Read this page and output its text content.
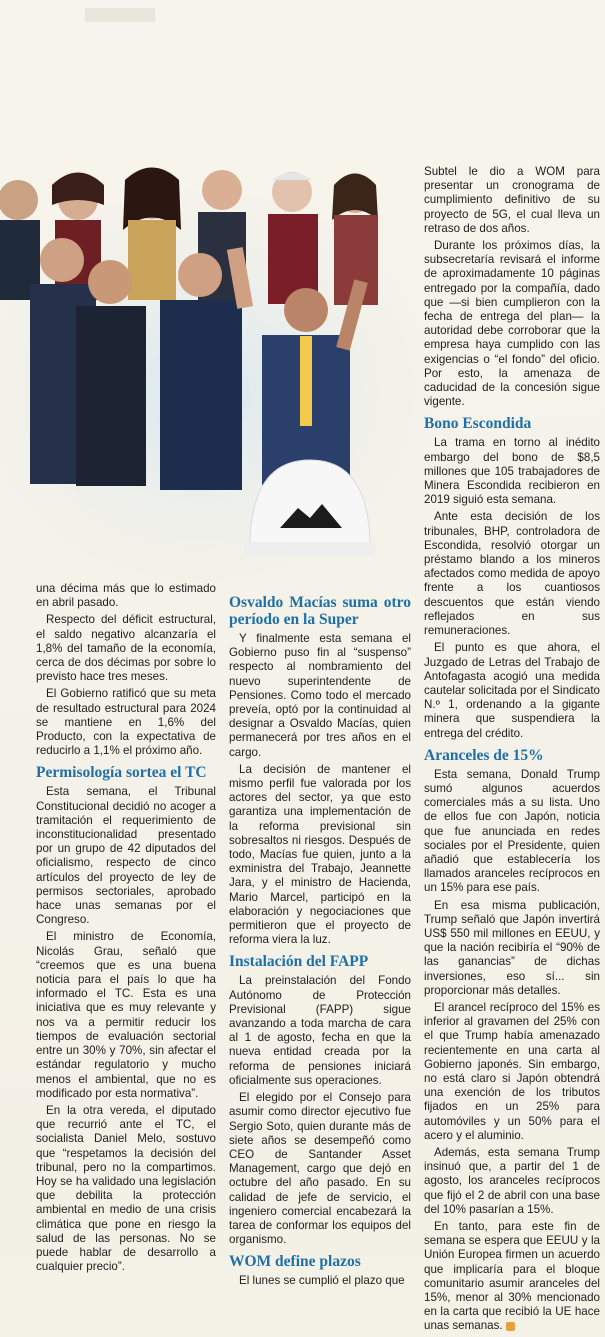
una décima más que lo estimado en abril pasado.

Respecto del déficit estructural, el saldo negativo alcanzaría el 1,8% del tamaño de la economía, cerca de dos décimas por sobre lo previsto hace tres meses.

El Gobierno ratificó que su meta de resultado estructural para 2024 se mantiene en 1,6% del Producto, con la expectativa de reducirlo a 1,1% el próximo año.

Permisología sortea el TC

Esta semana, el Tribunal Constitucional decidió no acoger a tramitación el requerimiento de inconstitucionalidad presentado por un grupo de 42 diputados del oficialismo, respecto de cinco artículos del proyecto de ley de permisos sectoriales, aprobado hace unas semanas por el Congreso.

El ministro de Economía, Nicolás Grau, señaló que “creemos que es una buena noticia para el país lo que ha informado el TC. Esta es una iniciativa que es muy relevante y nos va a permitir reducir los tiempos de evaluación sectorial entre un 30% y 70%, sin afectar el estándar regulatorio y mucho menos el ambiental, que no es modificado por esta normativa”.

En la otra vereda, el diputado que recurrió ante el TC, el socialista Daniel Melo, sostuvo que “respetamos la decisión del tribunal, pero no la compartimos. Hoy se ha validado una legislación que debilita la protección ambiental en medio de una crisis climática que pone en riesgo la salud de las personas. No se puede hablar de desarrollo a cualquier precio”.

Osvaldo Macías suma otro período en la Super

Y finalmente esta semana el Gobierno puso fin al “suspenso” respecto al nombramiento del nuevo superintendente de Pensiones. Como todo el mercado preveía, optó por la continuidad al designar a Osvaldo Macías, quien permanecerá por tres años en el cargo.

La decisión de mantener el mismo perfil fue valorada por los actores del sector, ya que esto garantiza una implementación de la reforma previsional sin sobresaltos ni riesgos. Después de todo, Macías fue quien, junto a la exministra del Trabajo, Jeannette Jara, y el ministro de Hacienda, Mario Marcel, participó en la elaboración y negociaciones que permitieron que el proyecto de reforma viera la luz.

Instalación del FAPP

La preinstalación del Fondo Autónomo de Protección Previsional (FAPP) sigue avanzando a toda marcha de cara al 1 de agosto, fecha en que la nueva entidad creada por la reforma de pensiones iniciará oficialmente sus operaciones.

El elegido por el Consejo para asumir como director ejecutivo fue Sergio Soto, quien durante más de siete años se desempeñó como CEO de Santander Asset Management, cargo que dejó en octubre del año pasado. En su calidad de jefe de servicio, el ingeniero comercial encabezará la tarea de conformar los equipos del organismo.

WOM define plazos

El lunes se cumplió el plazo que

Subtel le dio a WOM para presentar un cronograma de cumplimiento definitivo de su proyecto de 5G, el cual lleva un retraso de dos años.

Durante los próximos días, la subsecretaría revisará el informe de aproximadamente 10 páginas entregado por la compañía, dado que —si bien cumplieron con la fecha de entrega del plan— la autoridad debe corroborar que la empresa haya cumplido con las exigencias o “el fondo” del oficio. Por esto, la amenaza de caducidad de la concesión sigue vigente.

Bono Escondida

La trama en torno al inédito embargo del bono de $8,5 millones que 105 trabajadores de Minera Escondida recibieron en 2019 siguió esta semana.

Ante esta decisión de los tribunales, BHP, controladora de Escondida, resolvió otorgar un préstamo blando a los mineros afectados como medida de apoyo frente a los cuantiosos descuentos que están viendo reflejados en sus remuneraciones.

El punto es que ahora, el Juzgado de Letras del Trabajo de Antofagasta acogió una medida cautelar solicitada por el Sindicato N.º 1, ordenando a la gigante minera que suspendiera la entrega del crédito.

Aranceles de 15%

Esta semana, Donald Trump sumó algunos acuerdos comerciales más a su lista. Uno de ellos fue con Japón, noticia que fue anunciada en redes sociales por el Presidente, quien añadió que establecería los llamados aranceles recíprocos en un 15% para ese país.

En esa misma publicación, Trump señaló que Japón invertirá US$ 550 mil millones en EEUU, y que la nación recibiría el “90% de las ganancias” de dichas inversiones, eso sí... sin proporcionar más detalles.

El arancel recíproco del 15% es inferior al gravamen del 25% con el que Trump había amenazado recientemente en una carta al Gobierno japonés. Sin embargo, no está claro si Japón obtendrá una exención de los tributos fijados en un 25% para automóviles y un 50% para el acero y el aluminio.

Además, esta semana Trump insinuó que, a partir del 1 de agosto, los aranceles recíprocos que fijó el 2 de abril con una base del 10% pasarían a 15%.

En tanto, para este fin de semana se espera que EEUU y la Unión Europea firmen un acuerdo que implicaría para el bloque comunitario asumir aranceles del 15%, menor al 30% mencionado en la carta que recibió la UE hace unas semanas.
